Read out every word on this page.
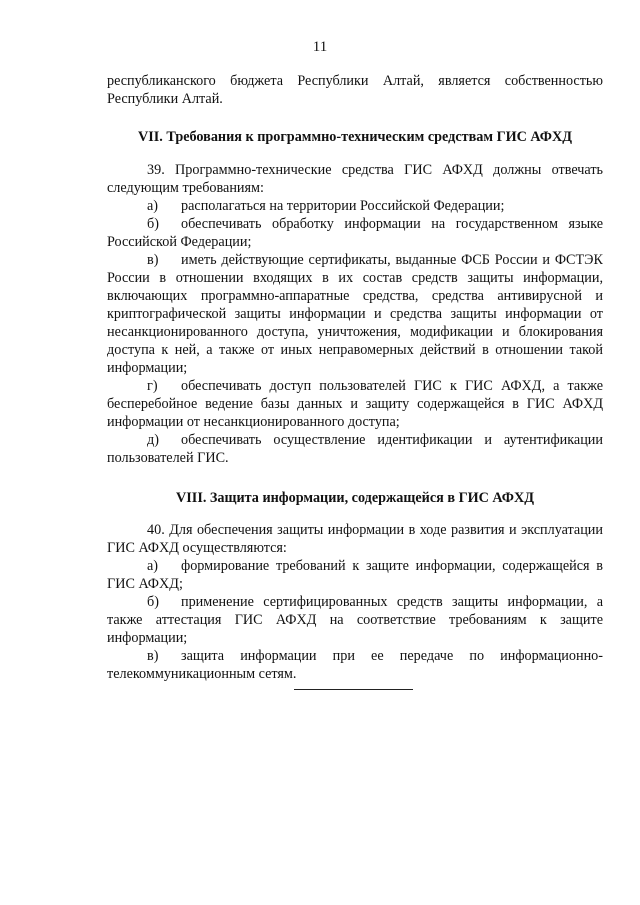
11

республиканского бюджета Республики Алтай, является собственностью Республики Алтай.

VII. Требования к программно-техническим средствам ГИС АФХД

39. Программно-технические средства ГИС АФХД должны отвечать следующим требованиям:

а) располагаться на территории Российской Федерации;

б) обеспечивать обработку информации на государственном языке Российской Федерации;

в) иметь действующие сертификаты, выданные ФСБ России и ФСТЭК России в отношении входящих в их состав средств защиты информации, включающих программно-аппаратные средства, средства антивирусной и криптографической защиты информации и средства защиты информации от несанкционированного доступа, уничтожения, модификации и блокирования доступа к ней, а также от иных неправомерных действий в отношении такой информации;

г) обеспечивать доступ пользователей ГИС к ГИС АФХД, а также бесперебойное ведение базы данных и защиту содержащейся в ГИС АФХД информации от несанкционированного доступа;

д) обеспечивать осуществление идентификации и аутентификации пользователей ГИС.

VIII. Защита информации, содержащейся в ГИС АФХД

40. Для обеспечения защиты информации в ходе развития и эксплуатации ГИС АФХД осуществляются:

а) формирование требований к защите информации, содержащейся в ГИС АФХД;

б) применение сертифицированных средств защиты информации, а также аттестация ГИС АФХД на соответствие требованиям к защите информации;

в) защита информации при ее передаче по информационно-телекоммуникационным сетям.
